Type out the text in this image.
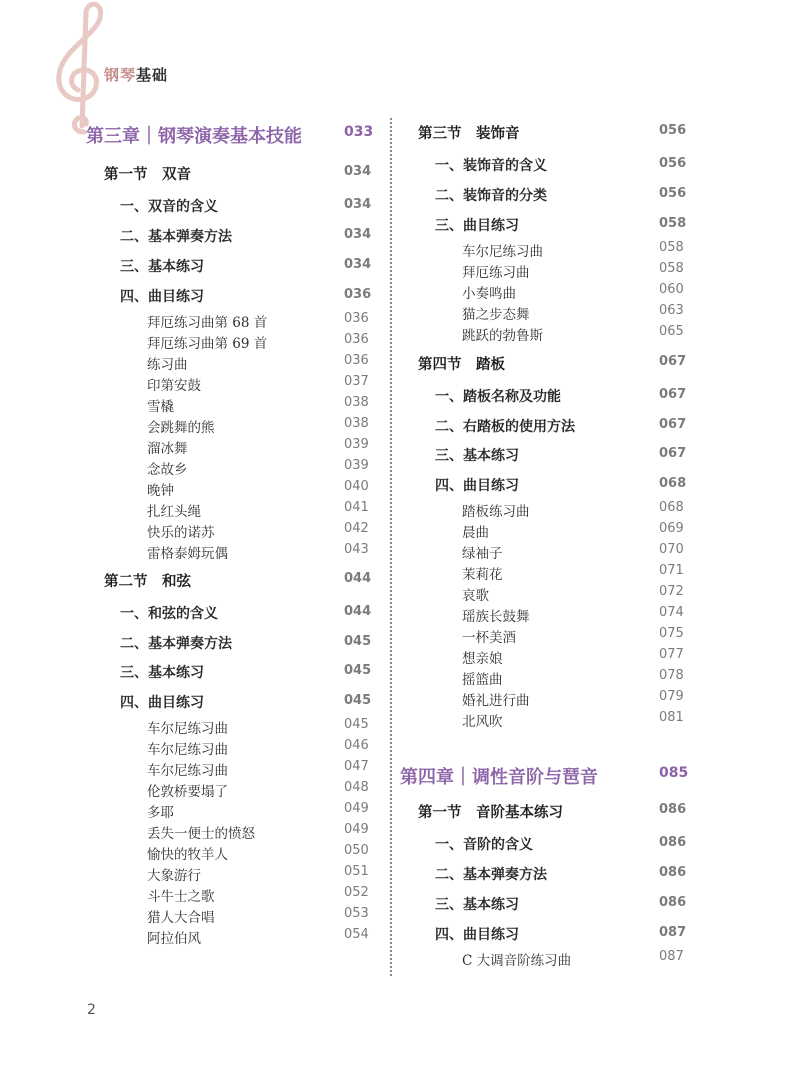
钢琴基础
第三章｜钢琴演奏基本技能	033
第一节　双音	034
一、双音的含义	034
二、基本弹奏方法	034
三、基本练习	034
四、曲目练习	036
拜厄练习曲第 68 首	036
拜厄练习曲第 69 首	036
练习曲	036
印第安鼓	037
雪橇	038
会跳舞的熊	038
溜冰舞	039
念故乡	039
晚钟	040
扎红头绳	041
快乐的诺苏	042
雷格泰姆玩偶	043
第二节　和弦	044
一、和弦的含义	044
二、基本弹奏方法	045
三、基本练习	045
四、曲目练习	045
车尔尼练习曲	045
车尔尼练习曲	046
车尔尼练习曲	047
伦敦桥要塌了	048
多耶	049
丢失一便士的愤怒	049
愉快的牧羊人	050
大象游行	051
斗牛士之歌	052
猎人大合唱	053
阿拉伯风	054
第三节　装饰音	056
一、装饰音的含义	056
二、装饰音的分类	056
三、曲目练习	058
车尔尼练习曲	058
拜厄练习曲	058
小奏鸣曲	060
猫之步态舞	063
跳跃的勃鲁斯	065
第四节　踏板	067
一、踏板名称及功能	067
二、右踏板的使用方法	067
三、基本练习	067
四、曲目练习	068
踏板练习曲	068
晨曲	069
绿袖子	070
茉莉花	071
哀歌	072
瑶族长鼓舞	074
一杯美酒	075
想亲娘	077
摇篮曲	078
婚礼进行曲	079
北风吹	081
第四章｜调性音阶与琶音	085
第一节　音阶基本练习	086
一、音阶的含义	086
二、基本弹奏方法	086
三、基本练习	086
四、曲目练习	087
C 大调音阶练习曲	087
2
